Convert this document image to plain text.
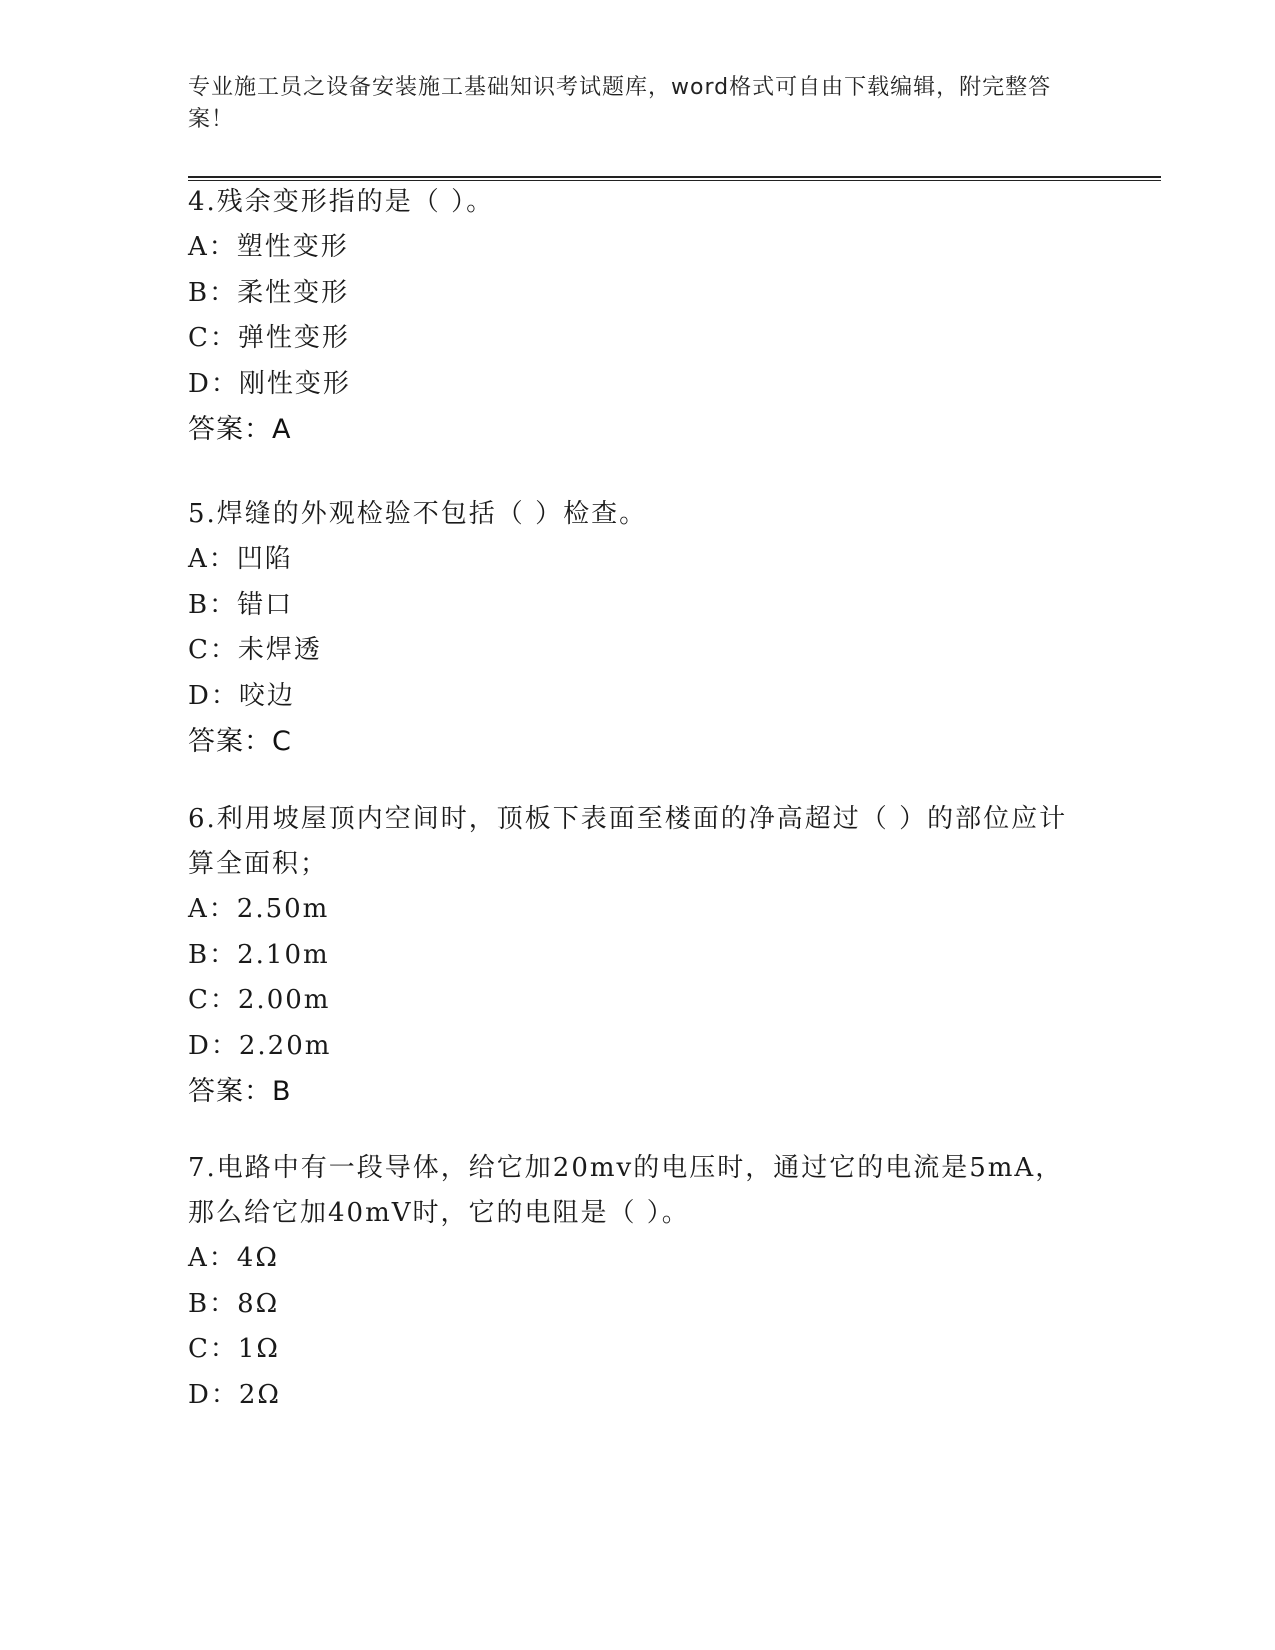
专业施工员之设备安装施工基础知识考试题库，word格式可自由下载编辑，附完整答案！

4.残余变形指的是（ ）。

A：塑性变形

B：柔性变形

C：弹性变形

D：刚性变形

答案：A

5.焊缝的外观检验不包括（ ）检查。

A：凹陷

B：错口

C：未焊透

D：咬边

答案：C

6.利用坡屋顶内空间时，顶板下表面至楼面的净高超过（ ）的部位应计算全面积；

A：2.50m

B：2.10m

C：2.00m

D：2.20m

答案：B

7.电路中有一段导体，给它加20mv的电压时，通过它的电流是5mA，那么给它加40mV时，它的电阻是（ ）。

A：4Ω

B：8Ω

C：1Ω

D：2Ω
